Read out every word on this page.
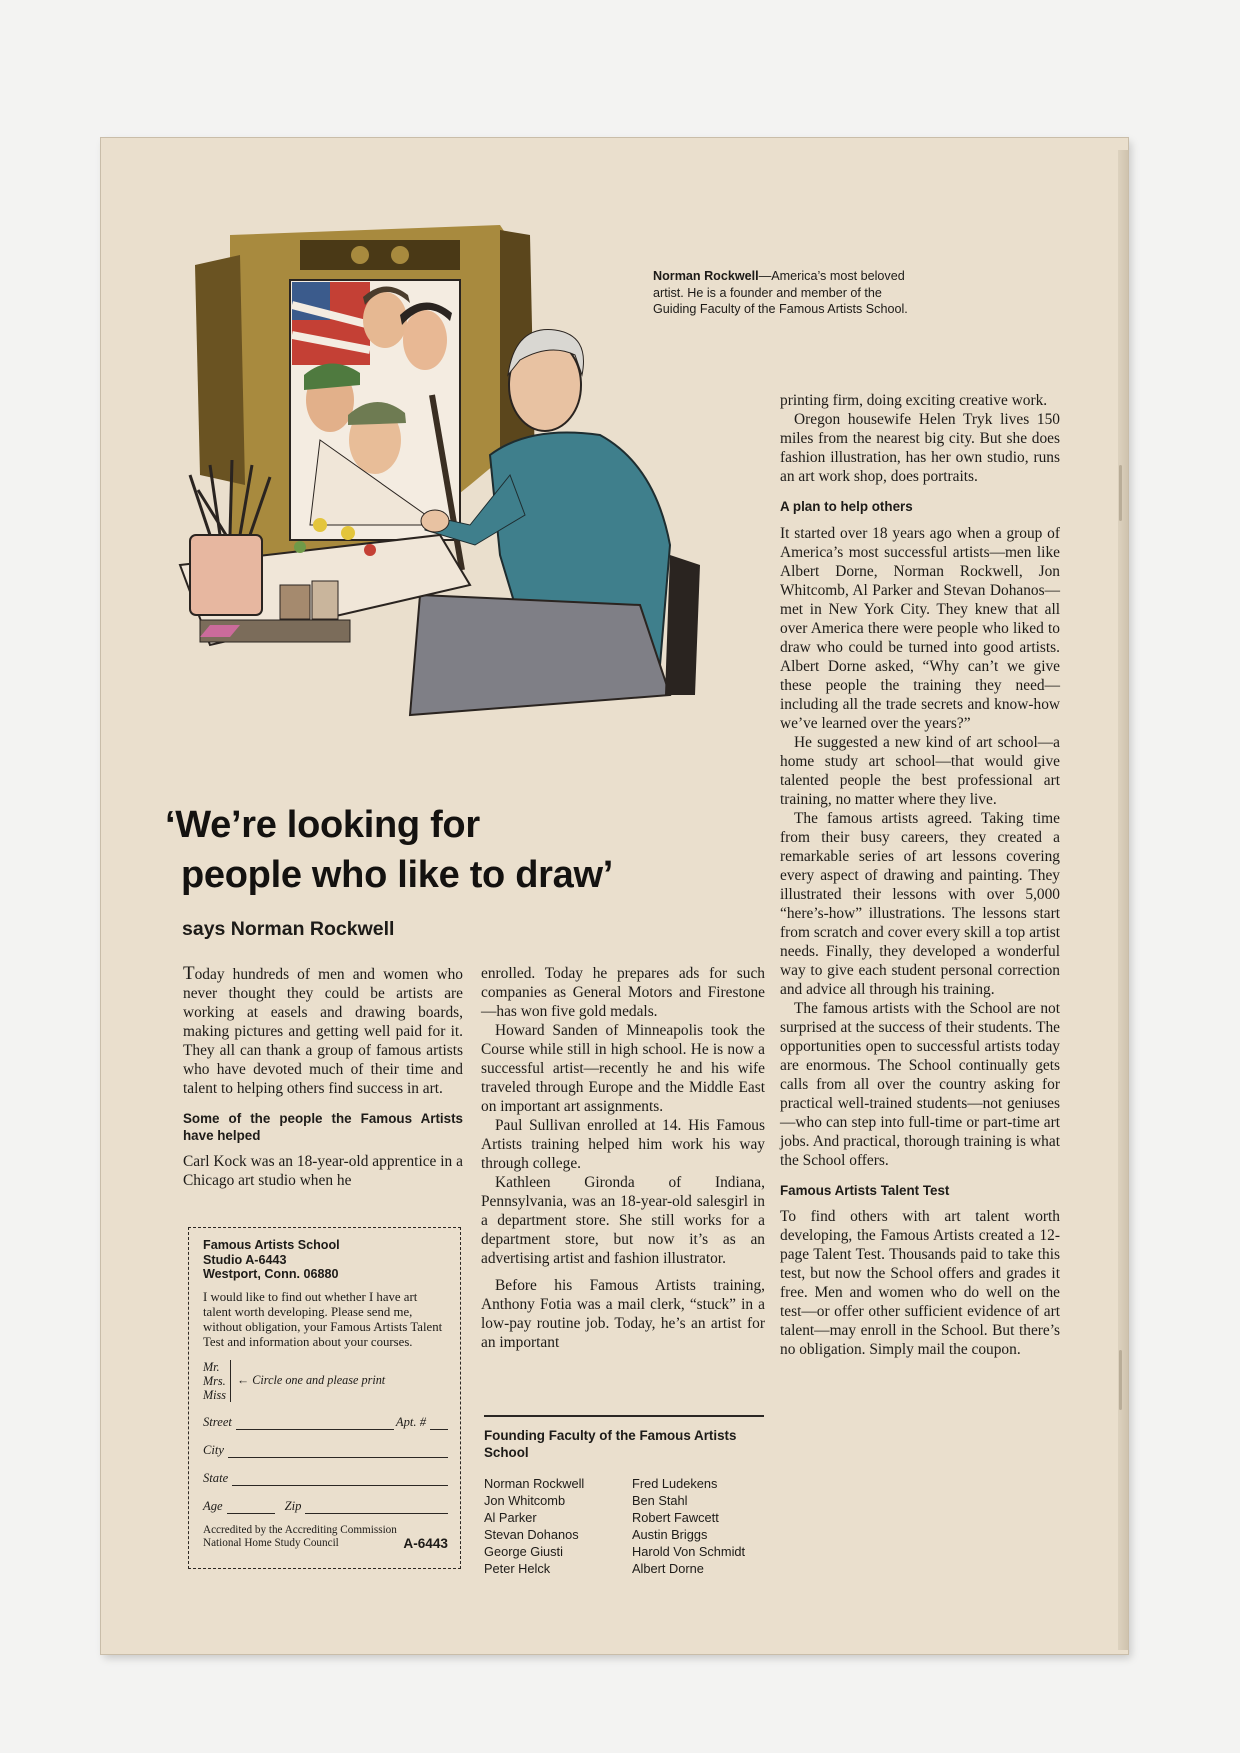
Norman Rockwell—America’s most beloved artist. He is a founder and member of the Guiding Faculty of the Famous Artists School.
‘We’re looking for
people who like to draw’
says Norman Rockwell

Today hundreds of men and women who never thought they could be artists are working at easels and drawing boards, making pictures and getting well paid for it. They all can thank a group of famous artists who have devoted much of their time and talent to helping others find success in art.

Some of the people the Famous Artists have helped

Carl Kock was an 18-year-old apprentice in a Chicago art studio when he

Famous Artists School
Studio A-6443
Westport, Conn. 06880
I would like to find out whether I have art talent worth developing. Please send me, without obligation, your Famous Artists Talent Test and information about your courses.
Mr.
Mrs.
Miss
← Circle one and please print
Street	Apt. #
City
State
Age	Zip
Accredited by the Accrediting Commission
National Home Study Council	A-6443

enrolled. Today he prepares ads for such companies as General Motors and Firestone—has won five gold medals.

Howard Sanden of Minneapolis took the Course while still in high school. He is now a successful artist—recently he and his wife traveled through Europe and the Middle East on important art assignments.

Paul Sullivan enrolled at 14. His Famous Artists training helped him work his way through college.

Kathleen Gironda of Indiana, Pennsylvania, was an 18-year-old salesgirl in a department store. She still works for a department store, but now it’s as an advertising artist and fashion illustrator.

Before his Famous Artists training, Anthony Fotia was a mail clerk, “stuck” in a low-pay routine job. Today, he’s an artist for an important

Founding Faculty of the Famous Artists School
Norman Rockwell	Fred Ludekens
Jon Whitcomb	Ben Stahl
Al Parker	Robert Fawcett
Stevan Dohanos	Austin Briggs
George Giusti	Harold Von Schmidt
Peter Helck	Albert Dorne

printing firm, doing exciting creative work.

Oregon housewife Helen Tryk lives 150 miles from the nearest big city. But she does fashion illustration, has her own studio, runs an art work shop, does portraits.

A plan to help others

It started over 18 years ago when a group of America’s most successful artists—men like Albert Dorne, Norman Rockwell, Jon Whitcomb, Al Parker and Stevan Dohanos—met in New York City. They knew that all over America there were people who liked to draw who could be turned into good artists. Albert Dorne asked, “Why can’t we give these people the training they need—including all the trade secrets and know-how we’ve learned over the years?”

He suggested a new kind of art school—a home study art school—that would give talented people the best professional art training, no matter where they live.

The famous artists agreed. Taking time from their busy careers, they created a remarkable series of art lessons covering every aspect of drawing and painting. They illustrated their lessons with over 5,000 “here’s-how” illustrations. The lessons start from scratch and cover every skill a top artist needs. Finally, they developed a wonderful way to give each student personal correction and advice all through his training.

The famous artists with the School are not surprised at the success of their students. The opportunities open to successful artists today are enormous. The School continually gets calls from all over the country asking for practical well-trained students—not geniuses—who can step into full-time or part-time art jobs. And practical, thorough training is what the School offers.

Famous Artists Talent Test

To find others with art talent worth developing, the Famous Artists created a 12-page Talent Test. Thousands paid to take this test, but now the School offers and grades it free. Men and women who do well on the test—or offer other sufficient evidence of art talent—may enroll in the School. But there’s no obligation. Simply mail the coupon.
